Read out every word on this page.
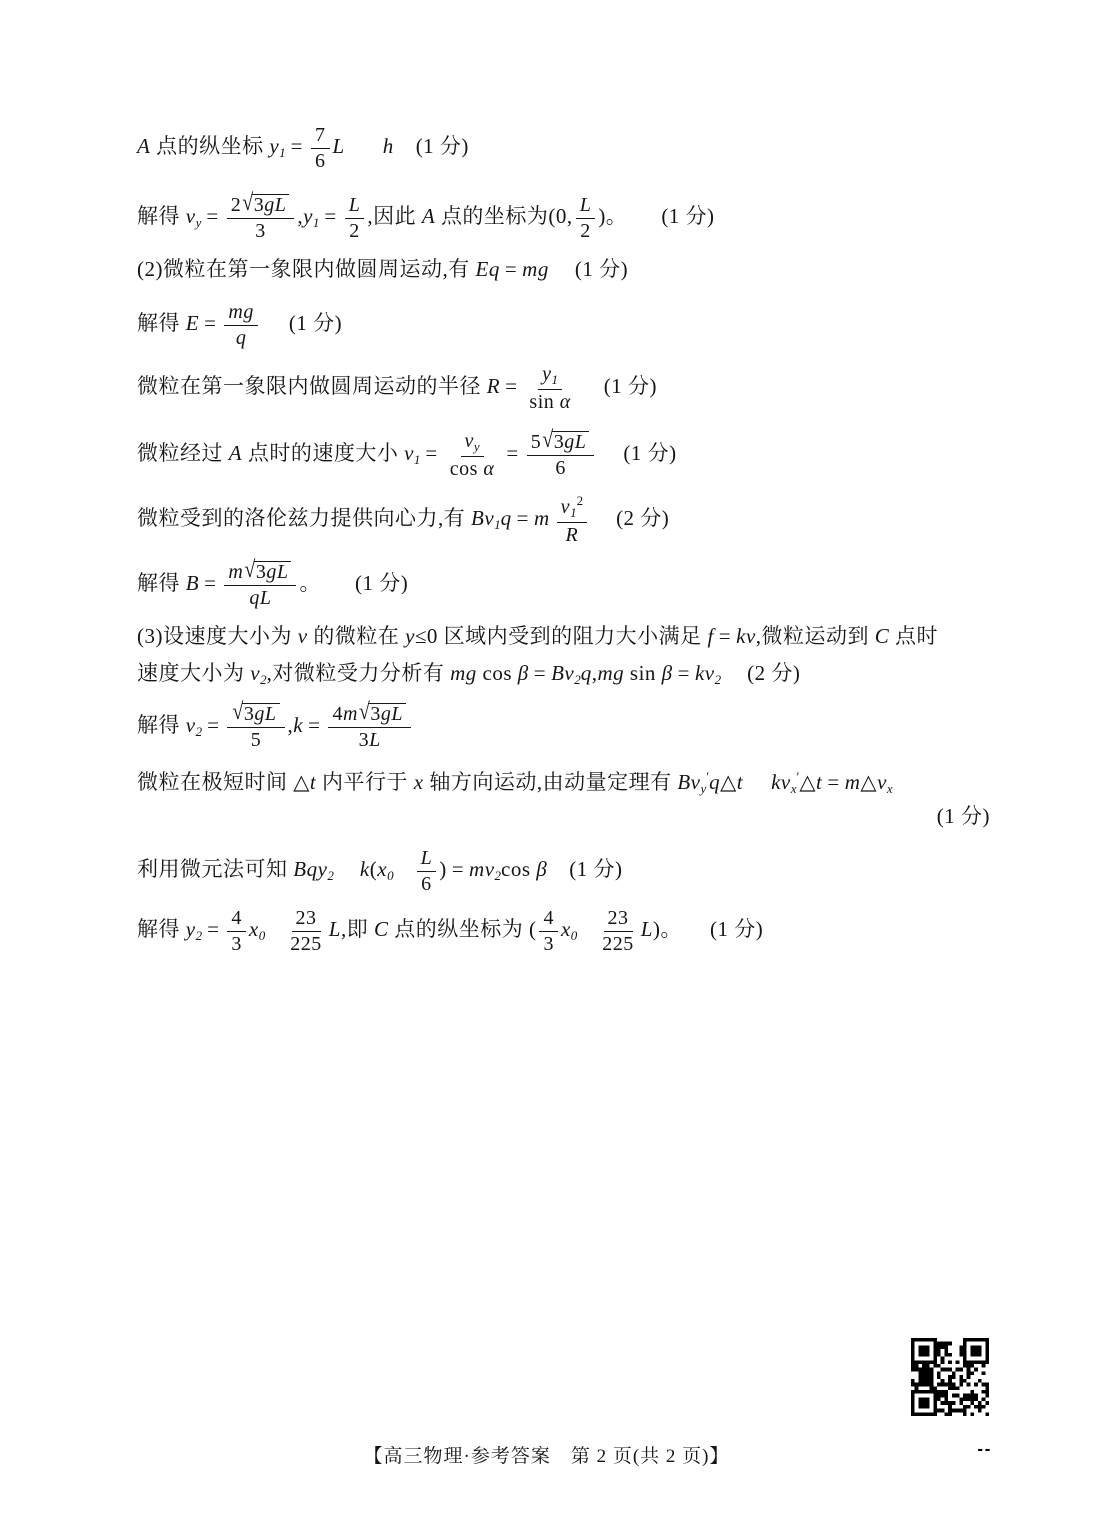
A 点的纵坐标 $y_1 = \frac{7}{6}$ L h (1 分)
解得 $v_y = \frac{2√3gL}{3} ,y_1 = \frac{L}{2}$ ,因此 A 点的坐标为(0, $\frac{L}{2}$ )。 (1 分)
(2)微粒在第一象限内做圆周运动,有 Eq = mg (1 分)
解得 $E = \frac{mg}{q} (1$ 分)
微粒在第一象限内做圆周运动的半径 $R = \frac{y_1}{\text{sin α}} (1$ 分)
微粒经过 A 点时的速度大小 $v_1 = \frac{v_y}{\text{cos α}} = \frac{5√3gL}{6} (1$ 分)
微粒受到的洛伦兹力提供向心力,有 $Bv_1q = m \frac{v_1^2}{R} (2$ 分)
解得 $B = \frac{m√3gL}{qL}$ 。 (1 分)
(3)设速度大小为 v 的微粒在 y≤0 区域内受到的阻力大小满足 f = kv,微粒运动到 C 点时
速度大小为 $v_2$,对微粒受力分析有 mg $\cos \beta = Bv_2q,mg$ $\sin \beta = kv_2$ (2 分)
解得 $v_2 = \frac{√3gL}{5} ,k = \frac{4m√3gL}{3L}$
微粒在极短时间 △t 内平行于 x 轴方向运动,由动量定理有 $Bv_y'q\triangle t$ $kv_x'\triangle t$ = $m\triangle v_x$
(1 分)
利用微元法可知 Bqy$_2$ $k(x_0 \frac{L}{6}$ ) = $mv_2\cos$ β (1 分)
解得 $y_2 = \frac{4}{3} x_0 \frac{23}{225} L$,即 C 点的纵坐标为 ( $\frac{4}{3} x_0 \frac{23}{225} L$)。 (1 分)
【高三物理·参考答案　第 2 页(共 2 页)】	--
